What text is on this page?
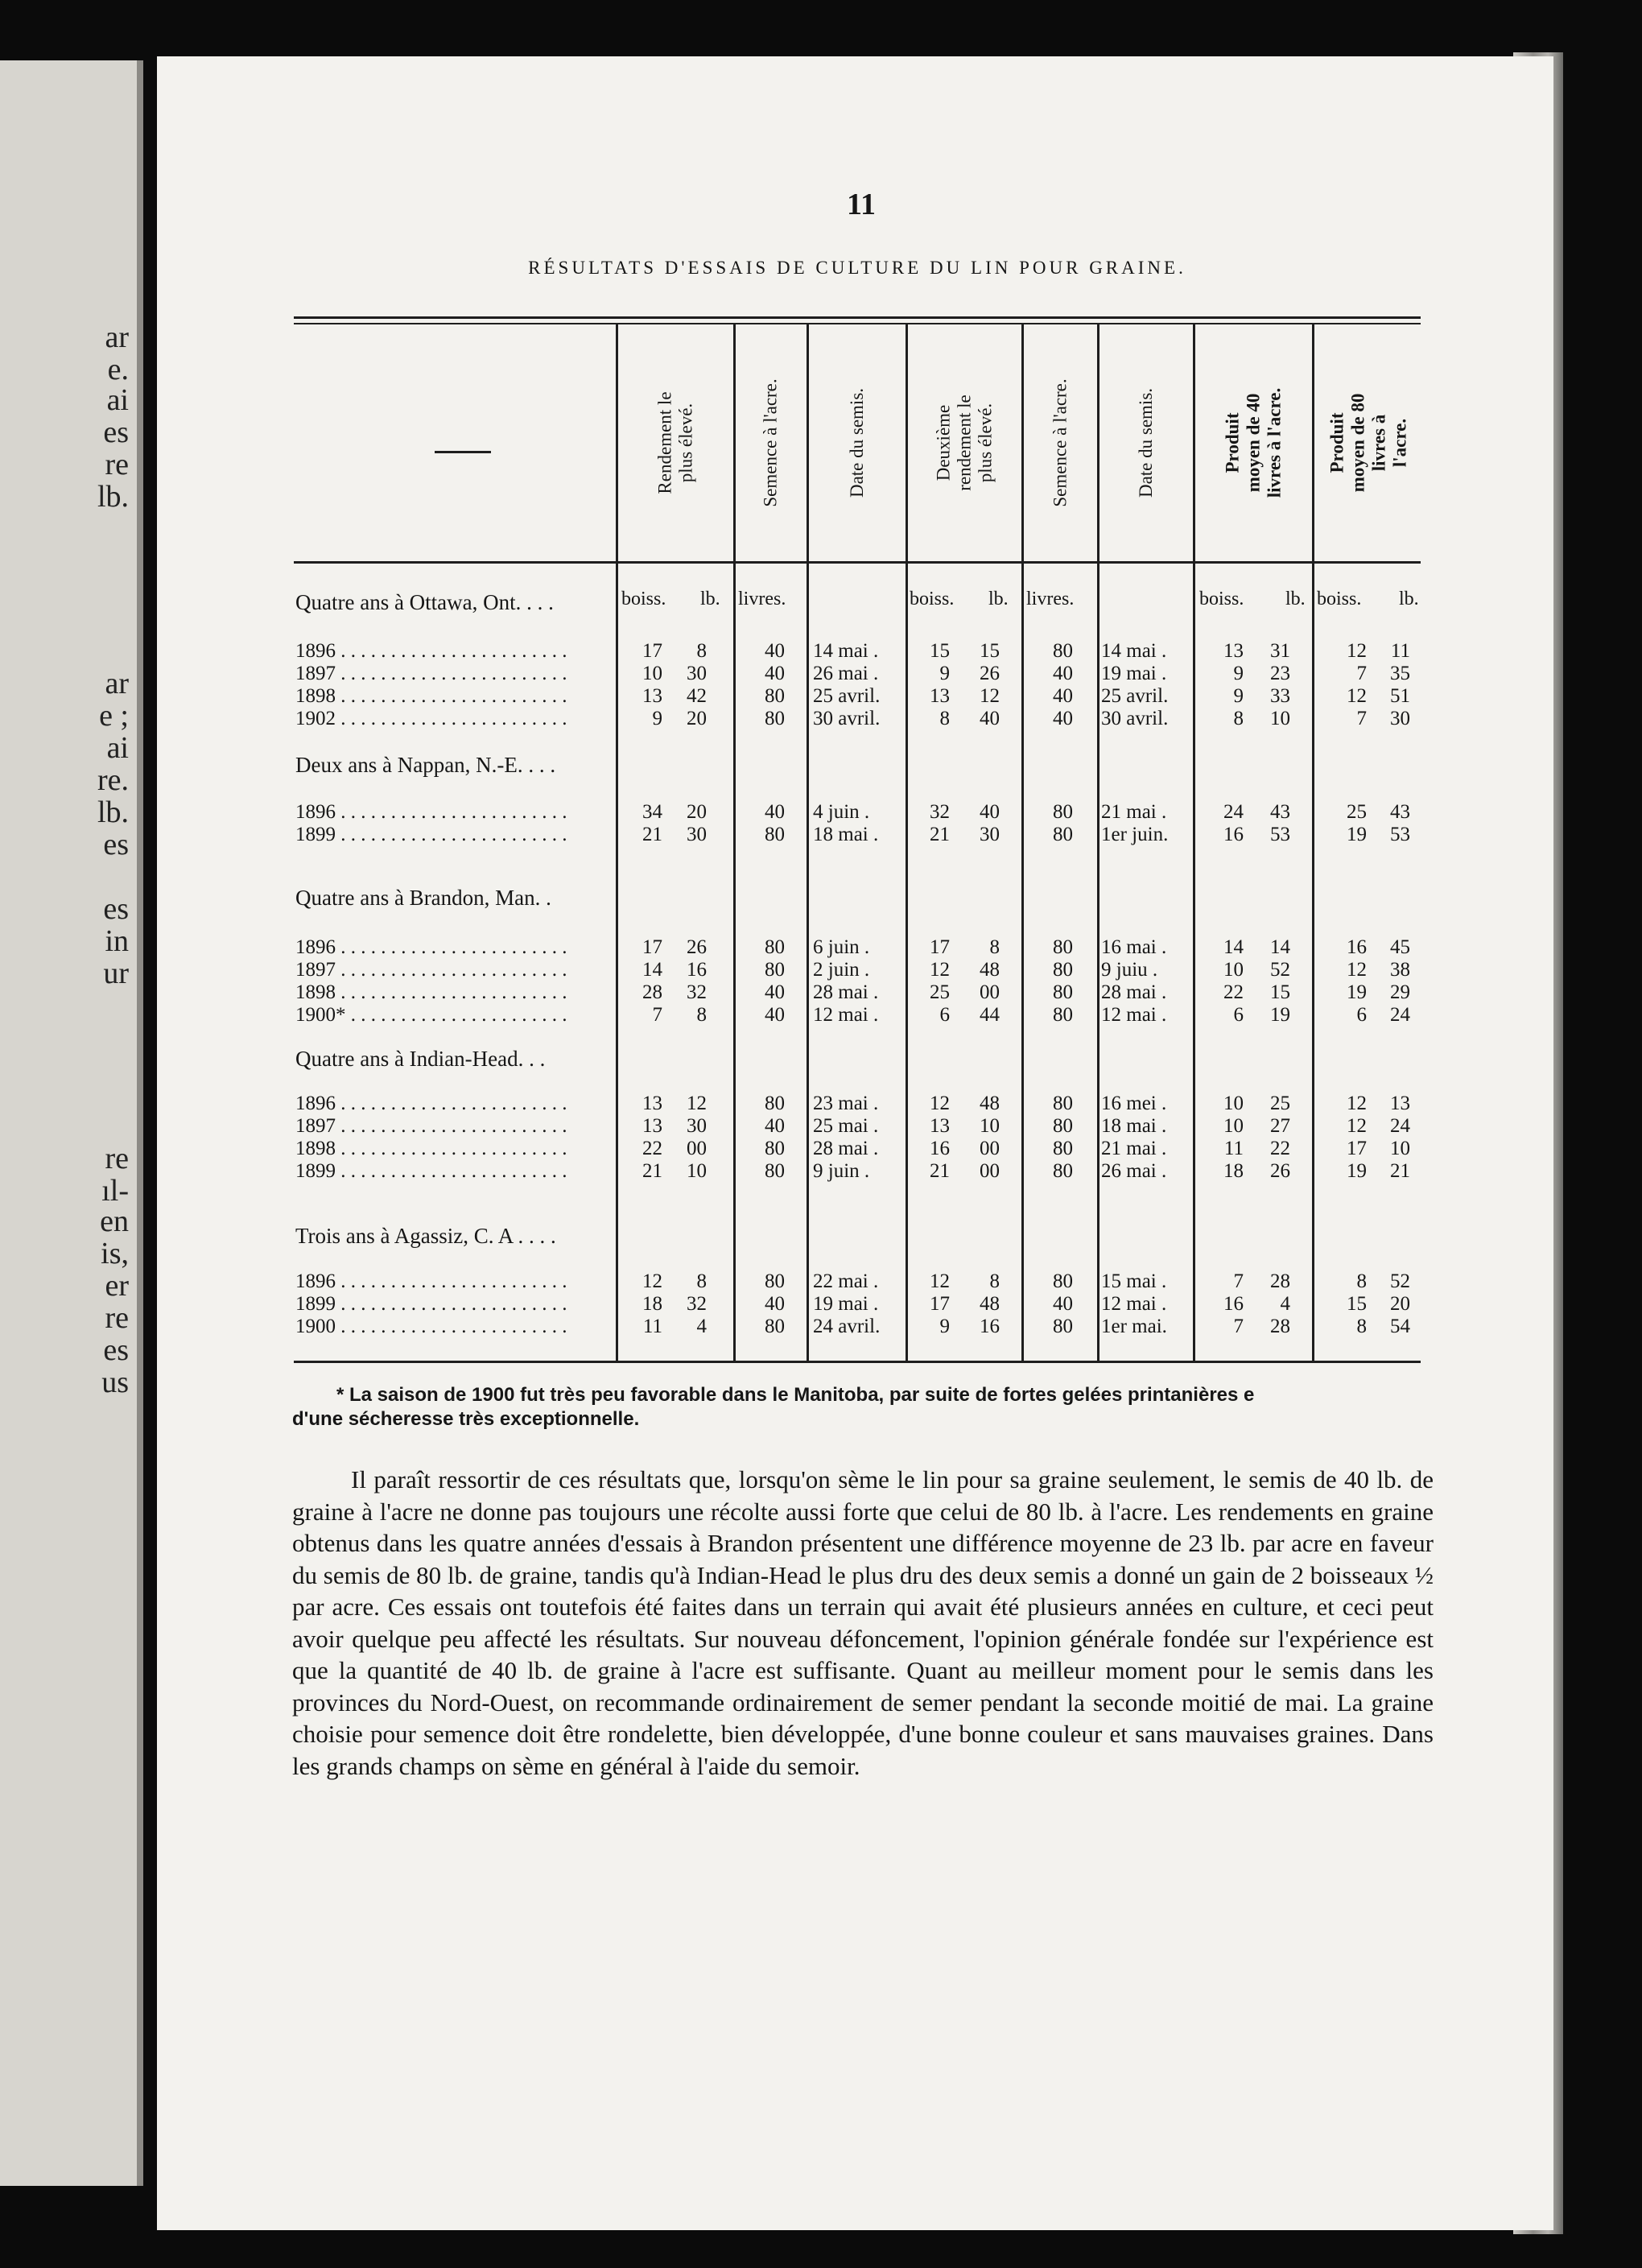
ar
e.
ai
es
re
lb.
ar
e ;
ai
re.
lb.
es
es
in
ur
re
ıl-
en
is,
er
re
es
us
11
RÉSULTATS D'ESSAIS DE CULTURE DU LIN POUR GRAINE.
Rendement le plus élevé.	Semence à l'acre.	Date du semis.	Deuxième rendement le plus élevé.	Semence à l'acre.	Date du semis.	Produit moyen de 40 livres à l'acre. Produit moyen de 80 livres à l'acre.
boiss. lb. livres.	boiss. lb. livres.	boiss. lb. boiss. lb.
Quatre ans à Ottawa, Ont. . . .
1896 . . . . . . . . . . . . . . . . . . . . . . .	17	8	40 14 mai .	15	15	80 14 mai .	13	31	12	11
1897 . . . . . . . . . . . . . . . . . . . . . . .	10	30	40 26 mai .	9	26	40 19 mai .	9	23	7	35
1898 . . . . . . . . . . . . . . . . . . . . . . .	13	42	80 25 avril.	13	12	40 25 avril.	9	33	12	51
1902 . . . . . . . . . . . . . . . . . . . . . . .	9	20	80 30 avril.	8	40	40 30 avril.	8	10	7	30
Deux ans à Nappan, N.-E. . . .
1896 . . . . . . . . . . . . . . . . . . . . . . .	34	20	40 4 juin .	32	40	80 21 mai .	24	43	25	43
1899 . . . . . . . . . . . . . . . . . . . . . . .	21	30	80 18 mai .	21	30	80 1er juin.	16	53	19	53
Quatre ans à Brandon, Man. .
1896 . . . . . . . . . . . . . . . . . . . . . . .	17	26	80 6 juin .	17	8	80 16 mai .	14	14	16	45
1897 . . . . . . . . . . . . . . . . . . . . . . .	14	16	80 2 juin .	12	48	80 9 juiu .	10	52	12	38
1898 . . . . . . . . . . . . . . . . . . . . . . .	28	32	40 28 mai .	25	00	80 28 mai .	22	15	19	29
1900* . . . . . . . . . . . . . . . . . . . . . .	7	8	40 12 mai .	6	44	80 12 mai .	6	19	6	24
Quatre ans à Indian-Head. . .
1896 . . . . . . . . . . . . . . . . . . . . . . .	13	12	80 23 mai .	12	48	80 16 mei .	10	25	12	13
1897 . . . . . . . . . . . . . . . . . . . . . . .	13	30	40 25 mai .	13	10	80 18 mai .	10	27	12	24
1898 . . . . . . . . . . . . . . . . . . . . . . .	22	00	80 28 mai .	16	00	80 21 mai .	11	22	17	10
1899 . . . . . . . . . . . . . . . . . . . . . . .	21	10	80 9 juin .	21	00	80 26 mai .	18	26	19	21
Trois ans à Agassiz, C. A . . . .
1896 . . . . . . . . . . . . . . . . . . . . . . .	12	8	80 22 mai .	12	8	80 15 mai .	7	28	8	52
1899 . . . . . . . . . . . . . . . . . . . . . . .	18	32	40 19 mai .	17	48	40 12 mai .	16	4	15	20
1900 . . . . . . . . . . . . . . . . . . . . . . .	11	4	80 24 avril.	9	16	80 1er mai.	7	28	8	54
* La saison de 1900 fut très peu favorable dans le Manitoba, par suite de fortes gelées printanières e
d'une sécheresse très exceptionnelle.
Il paraît ressortir de ces résultats que, lorsqu'on sème le lin pour sa graine seulement, le semis de 40 lb. de graine à l'acre ne donne pas toujours une récolte aussi forte que celui de 80 lb. à l'acre. Les rendements en graine obtenus dans les quatre années d'essais à Brandon présentent une différence moyenne de 23 lb. par acre en faveur du semis de 80 lb. de graine, tandis qu'à Indian-Head le plus dru des deux semis a donné un gain de 2 boisseaux ½ par acre. Ces essais ont toutefois été faites dans un terrain qui avait été plusieurs années en culture, et ceci peut avoir quelque peu affecté les résultats. Sur nouveau défoncement, l'opinion générale fondée sur l'expérience est que la quantité de 40 lb. de graine à l'acre est suffisante. Quant au meilleur moment pour le semis dans les provinces du Nord-Ouest, on recommande ordinairement de semer pendant la seconde moitié de mai. La graine choisie pour semence doit être rondelette, bien développée, d'une bonne couleur et sans mauvaises graines. Dans les grands champs on sème en général à l'aide du semoir.
